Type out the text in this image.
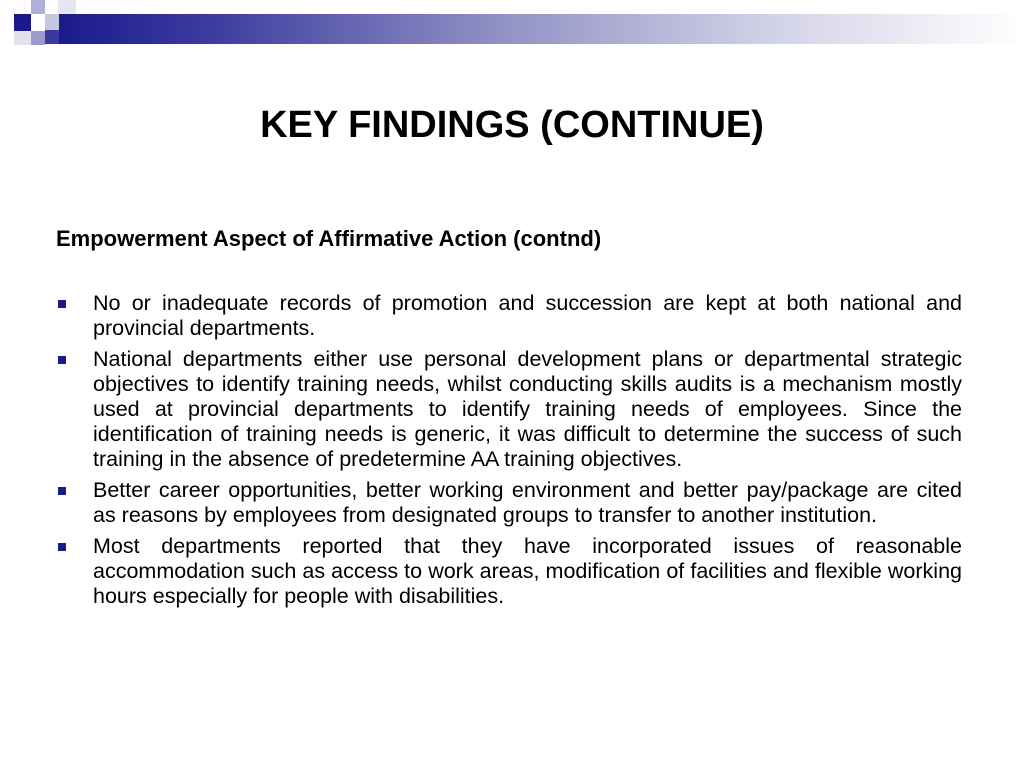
KEY FINDINGS (CONTINUE)
Empowerment Aspect of Affirmative Action (contnd)
No or inadequate records of promotion and succession are kept at both national and provincial departments.
National departments either use personal development plans or departmental strategic objectives to identify training needs, whilst conducting skills audits is a mechanism mostly used at provincial departments to identify training needs of employees. Since the identification of training needs is generic, it was difficult to determine the success of such training in the absence of predetermine AA training objectives.
Better career opportunities, better working environment and better pay/package are cited as reasons by employees from designated groups to transfer to another institution.
Most departments reported that they have incorporated issues of reasonable accommodation such as access to work areas, modification of facilities and flexible working hours especially for people with disabilities.
